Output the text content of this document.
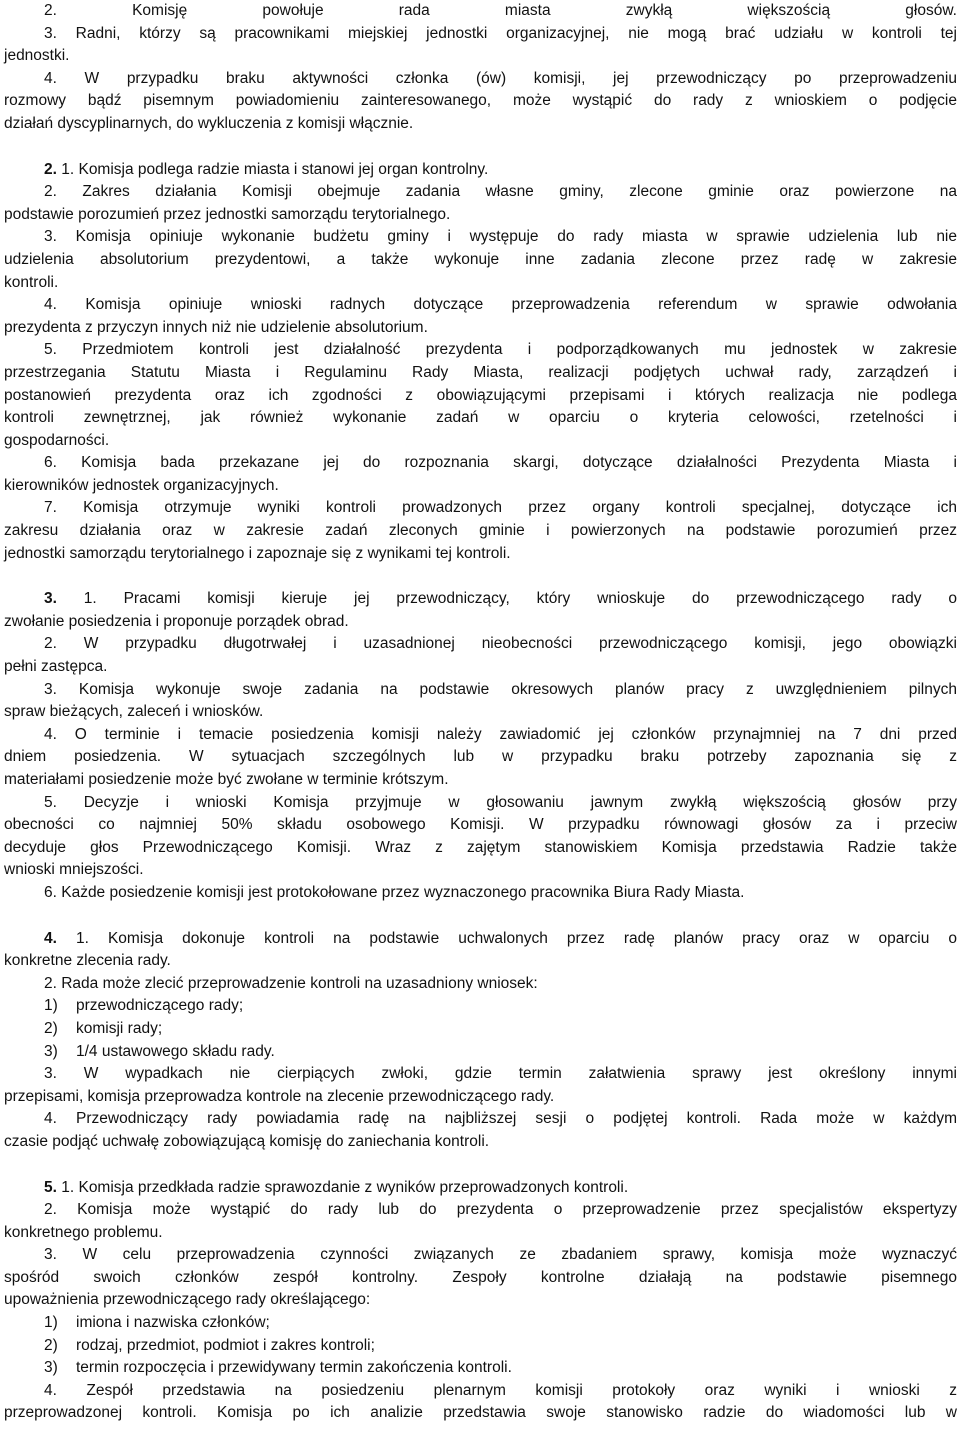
2. Komisję powołuje rada miasta zwykłą większością głosów.

3. Radni, którzy są pracownikami miejskiej jednostki organizacyjnej, nie mogą brać udziału w kontroli tej

jednostki.

4. W przypadku braku aktywności członka (ów) komisji, jej przewodniczący po przeprowadzeniu

rozmowy bądź pisemnym powiadomieniu zainteresowanego, może wystąpić do rady z wnioskiem o podjęcie

działań dyscyplinarnych, do wykluczenia z komisji włącznie.

2. 1. Komisja podlega radzie miasta i stanowi jej organ kontrolny.

2. Zakres działania Komisji obejmuje zadania własne gminy, zlecone gminie oraz powierzone na

podstawie porozumień przez jednostki samorządu terytorialnego.

3. Komisja opiniuje wykonanie budżetu gminy i występuje do rady miasta w sprawie udzielenia lub nie

udzielenia absolutorium prezydentowi, a także wykonuje inne zadania zlecone przez radę w zakresie

kontroli.

4. Komisja opiniuje wnioski radnych dotyczące przeprowadzenia referendum w sprawie odwołania

prezydenta z przyczyn innych niż nie udzielenie absolutorium.

5. Przedmiotem kontroli jest działalność prezydenta i podporządkowanych mu jednostek w zakresie

przestrzegania Statutu Miasta i Regulaminu Rady Miasta, realizacji podjętych uchwał rady, zarządzeń i

postanowień prezydenta oraz ich zgodności z obowiązującymi przepisami i których realizacja nie podlega

kontroli zewnętrznej, jak również wykonanie zadań w oparciu o kryteria celowości, rzetelności i

gospodarności.

6. Komisja bada przekazane jej do rozpoznania skargi, dotyczące działalności Prezydenta Miasta i

kierowników jednostek organizacyjnych.

7. Komisja otrzymuje wyniki kontroli prowadzonych przez organy kontroli specjalnej, dotyczące ich

zakresu działania oraz w zakresie zadań zleconych gminie i powierzonych na podstawie porozumień przez

jednostki samorządu terytorialnego i zapoznaje się z wynikami tej kontroli.

3. 1. Pracami komisji kieruje jej przewodniczący, który wnioskuje do przewodniczącego rady o

zwołanie posiedzenia i proponuje porządek obrad.

2. W przypadku długotrwałej i uzasadnionej nieobecności przewodniczącego komisji, jego obowiązki

pełni zastępca.

3. Komisja wykonuje swoje zadania na podstawie okresowych planów pracy z uwzględnieniem pilnych

spraw bieżących, zaleceń i wniosków.

4. O terminie i temacie posiedzenia komisji należy zawiadomić jej członków przynajmniej na 7 dni przed

dniem posiedzenia. W sytuacjach szczególnych lub w przypadku braku potrzeby zapoznania się z

materiałami posiedzenie może być zwołane w terminie krótszym.

5. Decyzje i wnioski Komisja przyjmuje w głosowaniu jawnym zwykłą większością głosów przy

obecności co najmniej 50% składu osobowego Komisji. W przypadku równowagi głosów za i przeciw

decyduje głos Przewodniczącego Komisji. Wraz z zajętym stanowiskiem Komisja przedstawia Radzie także

wnioski mniejszości.

6. Każde posiedzenie komisji jest protokołowane przez wyznaczonego pracownika Biura Rady Miasta.

4. 1. Komisja dokonuje kontroli na podstawie uchwalonych przez radę planów pracy oraz w oparciu o

konkretne zlecenia rady.

2. Rada może zlecić przeprowadzenie kontroli na uzasadniony wniosek:

1) przewodniczącego rady;

2) komisji rady;

3) 1/4 ustawowego składu rady.

3. W wypadkach nie cierpiących zwłoki, gdzie termin załatwienia sprawy jest określony innymi

przepisami, komisja przeprowadza kontrole na zlecenie przewodniczącego rady.

4. Przewodniczący rady powiadamia radę na najbliższej sesji o podjętej kontroli. Rada może w każdym

czasie podjąć uchwałę zobowiązującą komisję do zaniechania kontroli.

5. 1. Komisja przedkłada radzie sprawozdanie z wyników przeprowadzonych kontroli.

2. Komisja może wystąpić do rady lub do prezydenta o przeprowadzenie przez specjalistów ekspertyzy

konkretnego problemu.

3. W celu przeprowadzenia czynności związanych ze zbadaniem sprawy, komisja może wyznaczyć

spośród swoich członków zespół kontrolny. Zespoły kontrolne działają na podstawie pisemnego

upoważnienia przewodniczącego rady określającego:

1) imiona i nazwiska członków;

2) rodzaj, przedmiot, podmiot i zakres kontroli;

3) termin rozpoczęcia i przewidywany termin zakończenia kontroli.

4. Zespół przedstawia na posiedzeniu plenarnym komisji protokoły oraz wyniki i wnioski z

przeprowadzonej kontroli. Komisja po ich analizie przedstawia swoje stanowisko radzie do wiadomości lub w
